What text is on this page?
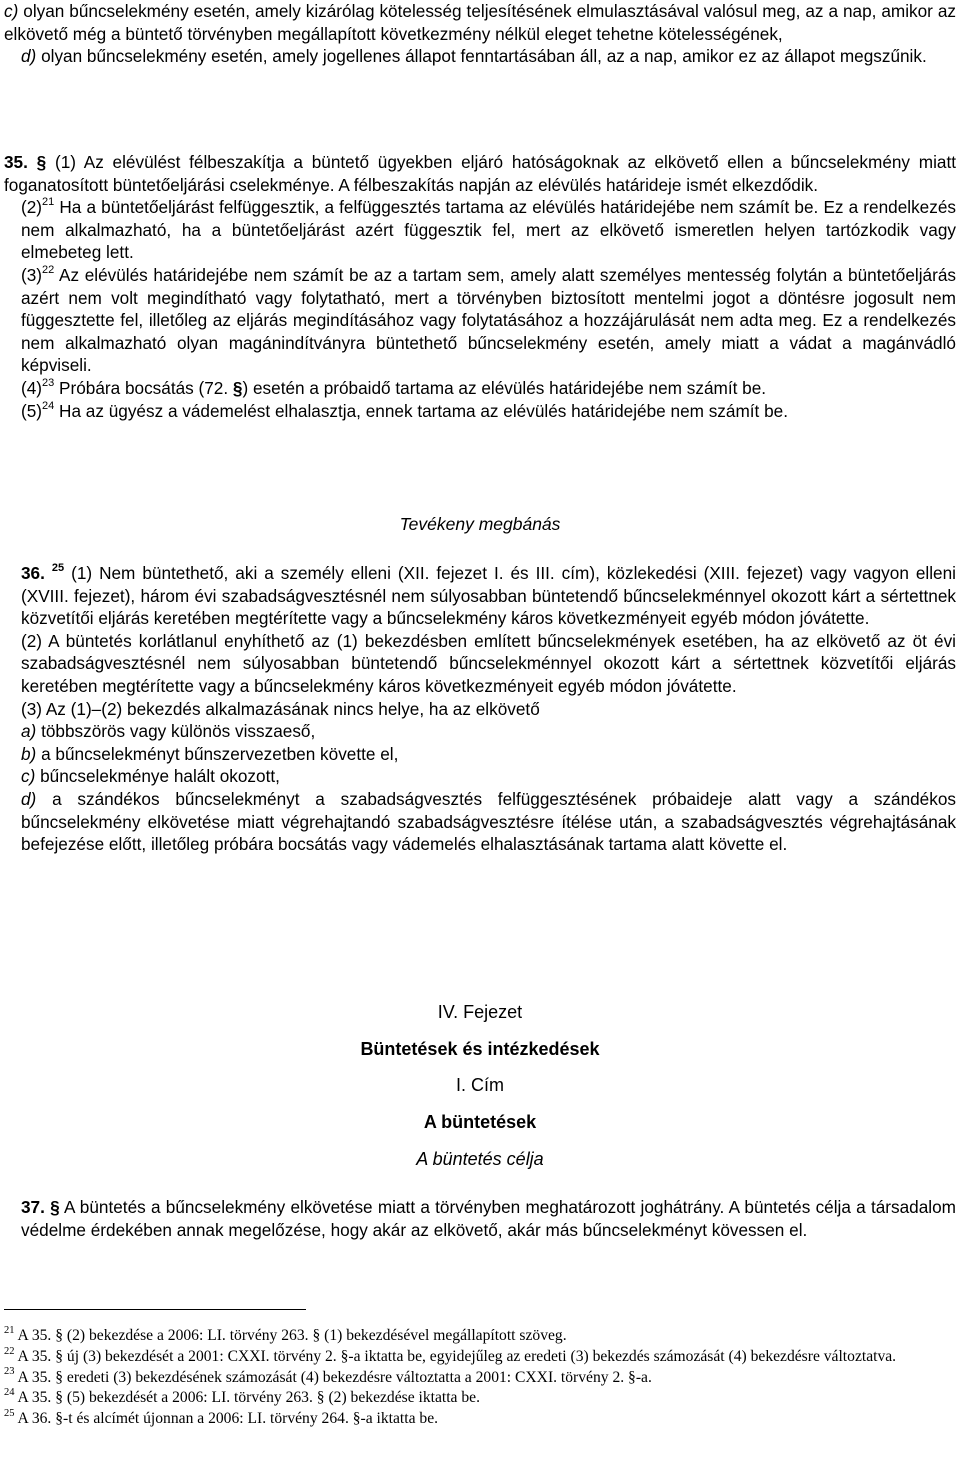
c) olyan bűncselekmény esetén, amely kizárólag kötelesség teljesítésének elmulasztásával valósul meg, az a nap, amikor az elkövető még a büntető törvényben megállapított következmény nélkül eleget tehetne kötelességének,

d) olyan bűncselekmény esetén, amely jogellenes állapot fenntartásában áll, az a nap, amikor ez az állapot megszűnik.

35. § (1) Az elévülést félbeszakítja a büntető ügyekben eljáró hatóságoknak az elkövető ellen a bűncselekmény miatt foganatosított büntetőeljárási cselekménye. A félbeszakítás napján az elévülés határideje ismét elkezdődik.

$(2)^{21}$ Ha a büntetőeljárást felfüggesztik, a felfüggesztés tartama az elévülés határidejébe nem számít be. Ez a rendelkezés nem alkalmazható, ha a büntetőeljárást azért függesztik fel, mert az elkövető ismeretlen helyen tartózkodik vagy elmebeteg lett.

$(3)^{22}$ Az elévülés határidejébe nem számít be az a tartam sem, amely alatt személyes mentesség folytán a büntetőeljárás azért nem volt megindítható vagy folytatható, mert a törvényben biztosított mentelmi jogot a döntésre jogosult nem függesztette fel, illetőleg az eljárás megindításához vagy folytatásához a hozzájárulását nem adta meg. Ez a rendelkezés nem alkalmazható olyan magánindítványra büntethető bűncselekmény esetén, amely miatt a vádat a magánvádló képviseli.

$(4)^{23}$ Próbára bocsátás (72. §) esetén a próbaidő tartama az elévülés határidejébe nem számít be.

$(5)^{24}$ Ha az ügyész a vádemelést elhalasztja, ennek tartama az elévülés határidejébe nem számít be.

Tevékeny megbánás

36. $^{25}$ (1) Nem büntethető, aki a személy elleni (XII. fejezet I. és III. cím), közlekedési (XIII. fejezet) vagy vagyon elleni (XVIII. fejezet), három évi szabadságvesztésnél nem súlyosabban büntetendő bűncselekménnyel okozott kárt a sértettnek közvetítői eljárás keretében megtérítette vagy a bűncselekmény káros következményeit egyéb módon jóvátette.

(2) A büntetés korlátlanul enyhíthető az (1) bekezdésben említett bűncselekmények esetében, ha az elkövető az öt évi szabadságvesztésnél nem súlyosabban büntetendő bűncselekménnyel okozott kárt a sértettnek közvetítői eljárás keretében megtérítette vagy a bűncselekmény káros következményeit egyéb módon jóvátette.

(3) Az (1)–(2) bekezdés alkalmazásának nincs helye, ha az elkövető

a) többszörös vagy különös visszaeső,

b) a bűncselekményt bűnszervezetben követte el,

c) bűncselekménye halált okozott,

d) a szándékos bűncselekményt a szabadságvesztés felfüggesztésének próbaideje alatt vagy a szándékos bűncselekmény elkövetése miatt végrehajtandó szabadságvesztésre ítélése után, a szabadságvesztés végrehajtásának befejezése előtt, illetőleg próbára bocsátás vagy vádemelés elhalasztásának tartama alatt követte el.

IV. Fejezet

Büntetések és intézkedések

I. Cím

A büntetések

A büntetés célja

37. § A büntetés a bűncselekmény elkövetése miatt a törvényben meghatározott joghátrány. A büntetés célja a társadalom védelme érdekében annak megelőzése, hogy akár az elkövető, akár más bűncselekményt kövessen el.

$^{21}$ A 35. § (2) bekezdése a 2006: LI. törvény 263. § (1) bekezdésével megállapított szöveg.

$^{22}$ A 35. § új (3) bekezdését a 2001: CXXI. törvény 2. §-a iktatta be, egyidejűleg az eredeti (3) bekezdés számozását (4) bekezdésre változtatva.

$^{23}$ A 35. § eredeti (3) bekezdésének számozását (4) bekezdésre változtatta a 2001: CXXI. törvény 2. §-a.

$^{24}$ A 35. § (5) bekezdését a 2006: LI. törvény 263. § (2) bekezdése iktatta be.

$^{25}$ A 36. §-t és alcímét újonnan a 2006: LI. törvény 264. §-a iktatta be.
